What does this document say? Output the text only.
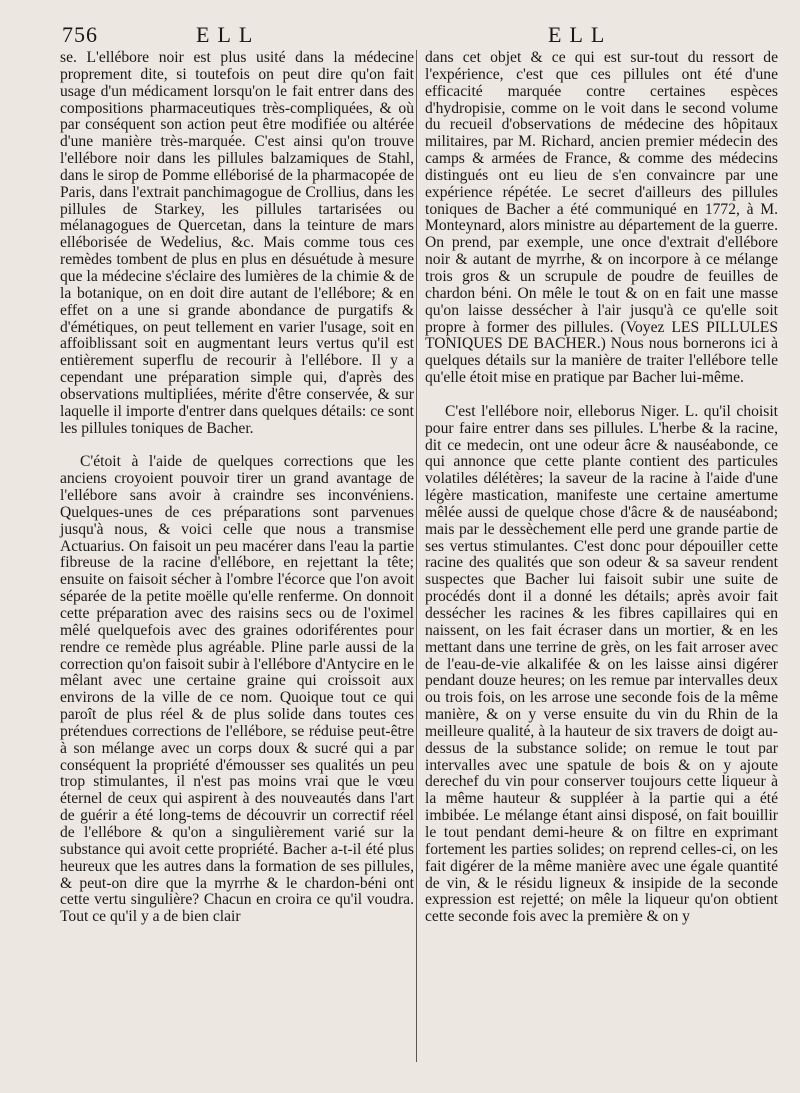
756	ELL	ELL

se. L'ellébore noir est plus usité dans la médecine proprement dite, si toutefois on peut dire qu'on fait usage d'un médicament lorsqu'on le fait entrer dans des compositions pharmaceutiques très-compliquées, & où par conséquent son action peut être modifiée ou altérée d'une manière très-marquée. C'est ainsi qu'on trouve l'ellébore noir dans les pillules balzamiques de Stahl, dans le sirop de Pomme elléborisé de la pharmacopée de Paris, dans l'extrait panchimagogue de Crollius, dans les pillules de Starkey, les pillules tartarisées ou mélanagogues de Quercetan, dans la teinture de mars elléborisée de Wedelius, &c. Mais comme tous ces remèdes tombent de plus en plus en désuétude à mesure que la médecine s'éclaire des lumières de la chimie & de la botanique, on en doit dire autant de l'ellébore; & en effet on a une si grande abondance de purgatifs & d'émétiques, on peut tellement en varier l'usage, soit en affoiblissant soit en augmentant leurs vertus qu'il est entièrement superflu de recourir à l'ellébore. Il y a cependant une préparation simple qui, d'après des observations multipliées, mérite d'être conservée, & sur laquelle il importe d'entrer dans quelques détails: ce sont les pillules toniques de Bacher.

C'étoit à l'aide de quelques corrections que les anciens croyoient pouvoir tirer un grand avantage de l'ellébore sans avoir à craindre ses inconvéniens. Quelques-unes de ces préparations sont parvenues jusqu'à nous, & voici celle que nous a transmise Actuarius. On faisoit un peu macérer dans l'eau la partie fibreuse de la racine d'ellébore, en rejettant la tête; ensuite on faisoit sécher à l'ombre l'écorce que l'on avoit séparée de la petite moëlle qu'elle renferme. On donnoit cette préparation avec des raisins secs ou de l'oximel mêlé quelquefois avec des graines odoriférentes pour rendre ce remède plus agréable. Pline parle aussi de la correction qu'on faisoit subir à l'ellébore d'Antycire en le mêlant avec une certaine graine qui croissoit aux environs de la ville de ce nom. Quoique tout ce qui paroît de plus réel & de plus solide dans toutes ces prétendues corrections de l'ellébore, se réduise peut-être à son mélange avec un corps doux & sucré qui a par conséquent la propriété d'émousser ses qualités un peu trop stimulantes, il n'est pas moins vrai que le vœu éternel de ceux qui aspirent à des nouveautés dans l'art de guérir a été long-tems de découvrir un correctif réel de l'ellébore & qu'on a singulièrement varié sur la substance qui avoit cette propriété. Bacher a-t-il été plus heureux que les autres dans la formation de ses pillules, & peut-on dire que la myrrhe & le chardon-béni ont cette vertu singulière? Chacun en croira ce qu'il voudra. Tout ce qu'il y a de bien clair

dans cet objet & ce qui est sur-tout du ressort de l'expérience, c'est que ces pillules ont été d'une efficacité marquée contre certaines espèces d'hydropisie, comme on le voit dans le second volume du recueil d'observations de médecine des hôpitaux militaires, par M. Richard, ancien premier médecin des camps & armées de France, & comme des médecins distingués ont eu lieu de s'en convaincre par une expérience répétée. Le secret d'ailleurs des pillules toniques de Bacher a été communiqué en 1772, à M. Monteynard, alors ministre au département de la guerre. On prend, par exemple, une once d'extrait d'ellébore noir & autant de myrrhe, & on incorpore à ce mélange trois gros & un scrupule de poudre de feuilles de chardon béni. On mêle le tout & on en fait une masse qu'on laisse dessécher à l'air jusqu'à ce qu'elle soit propre à former des pillules. (Voyez LES PILLULES TONIQUES DE BACHER.) Nous nous bornerons ici à quelques détails sur la manière de traiter l'ellébore telle qu'elle étoit mise en pratique par Bacher lui-même.

C'est l'ellébore noir, elleborus Niger. L. qu'il choisit pour faire entrer dans ses pillules. L'herbe & la racine, dit ce medecin, ont une odeur âcre & nauséabonde, ce qui annonce que cette plante contient des particules volatiles délétères; la saveur de la racine à l'aide d'une légère mastication, manifeste une certaine amertume mêlée aussi de quelque chose d'âcre & de nauséabond; mais par le dessèchement elle perd une grande partie de ses vertus stimulantes. C'est donc pour dépouiller cette racine des qualités que son odeur & sa saveur rendent suspectes que Bacher lui faisoit subir une suite de procédés dont il a donné les détails; après avoir fait dessécher les racines & les fibres capillaires qui en naissent, on les fait écraser dans un mortier, & en les mettant dans une terrine de grès, on les fait arroser avec de l'eau-de-vie alkalifée & on les laisse ainsi digérer pendant douze heures; on les remue par intervalles deux ou trois fois, on les arrose une seconde fois de la même manière, & on y verse ensuite du vin du Rhin de la meilleure qualité, à la hauteur de six travers de doigt au-dessus de la substance solide; on remue le tout par intervalles avec une spatule de bois & on y ajoute derechef du vin pour conserver toujours cette liqueur à la même hauteur & suppléer à la partie qui a été imbibée. Le mélange étant ainsi disposé, on fait bouillir le tout pendant demi-heure & on filtre en exprimant fortement les parties solides; on reprend celles-ci, on les fait digérer de la même manière avec une égale quantité de vin, & le résidu ligneux & insipide de la seconde expression est rejetté; on mêle la liqueur qu'on obtient cette seconde fois avec la première & on y
